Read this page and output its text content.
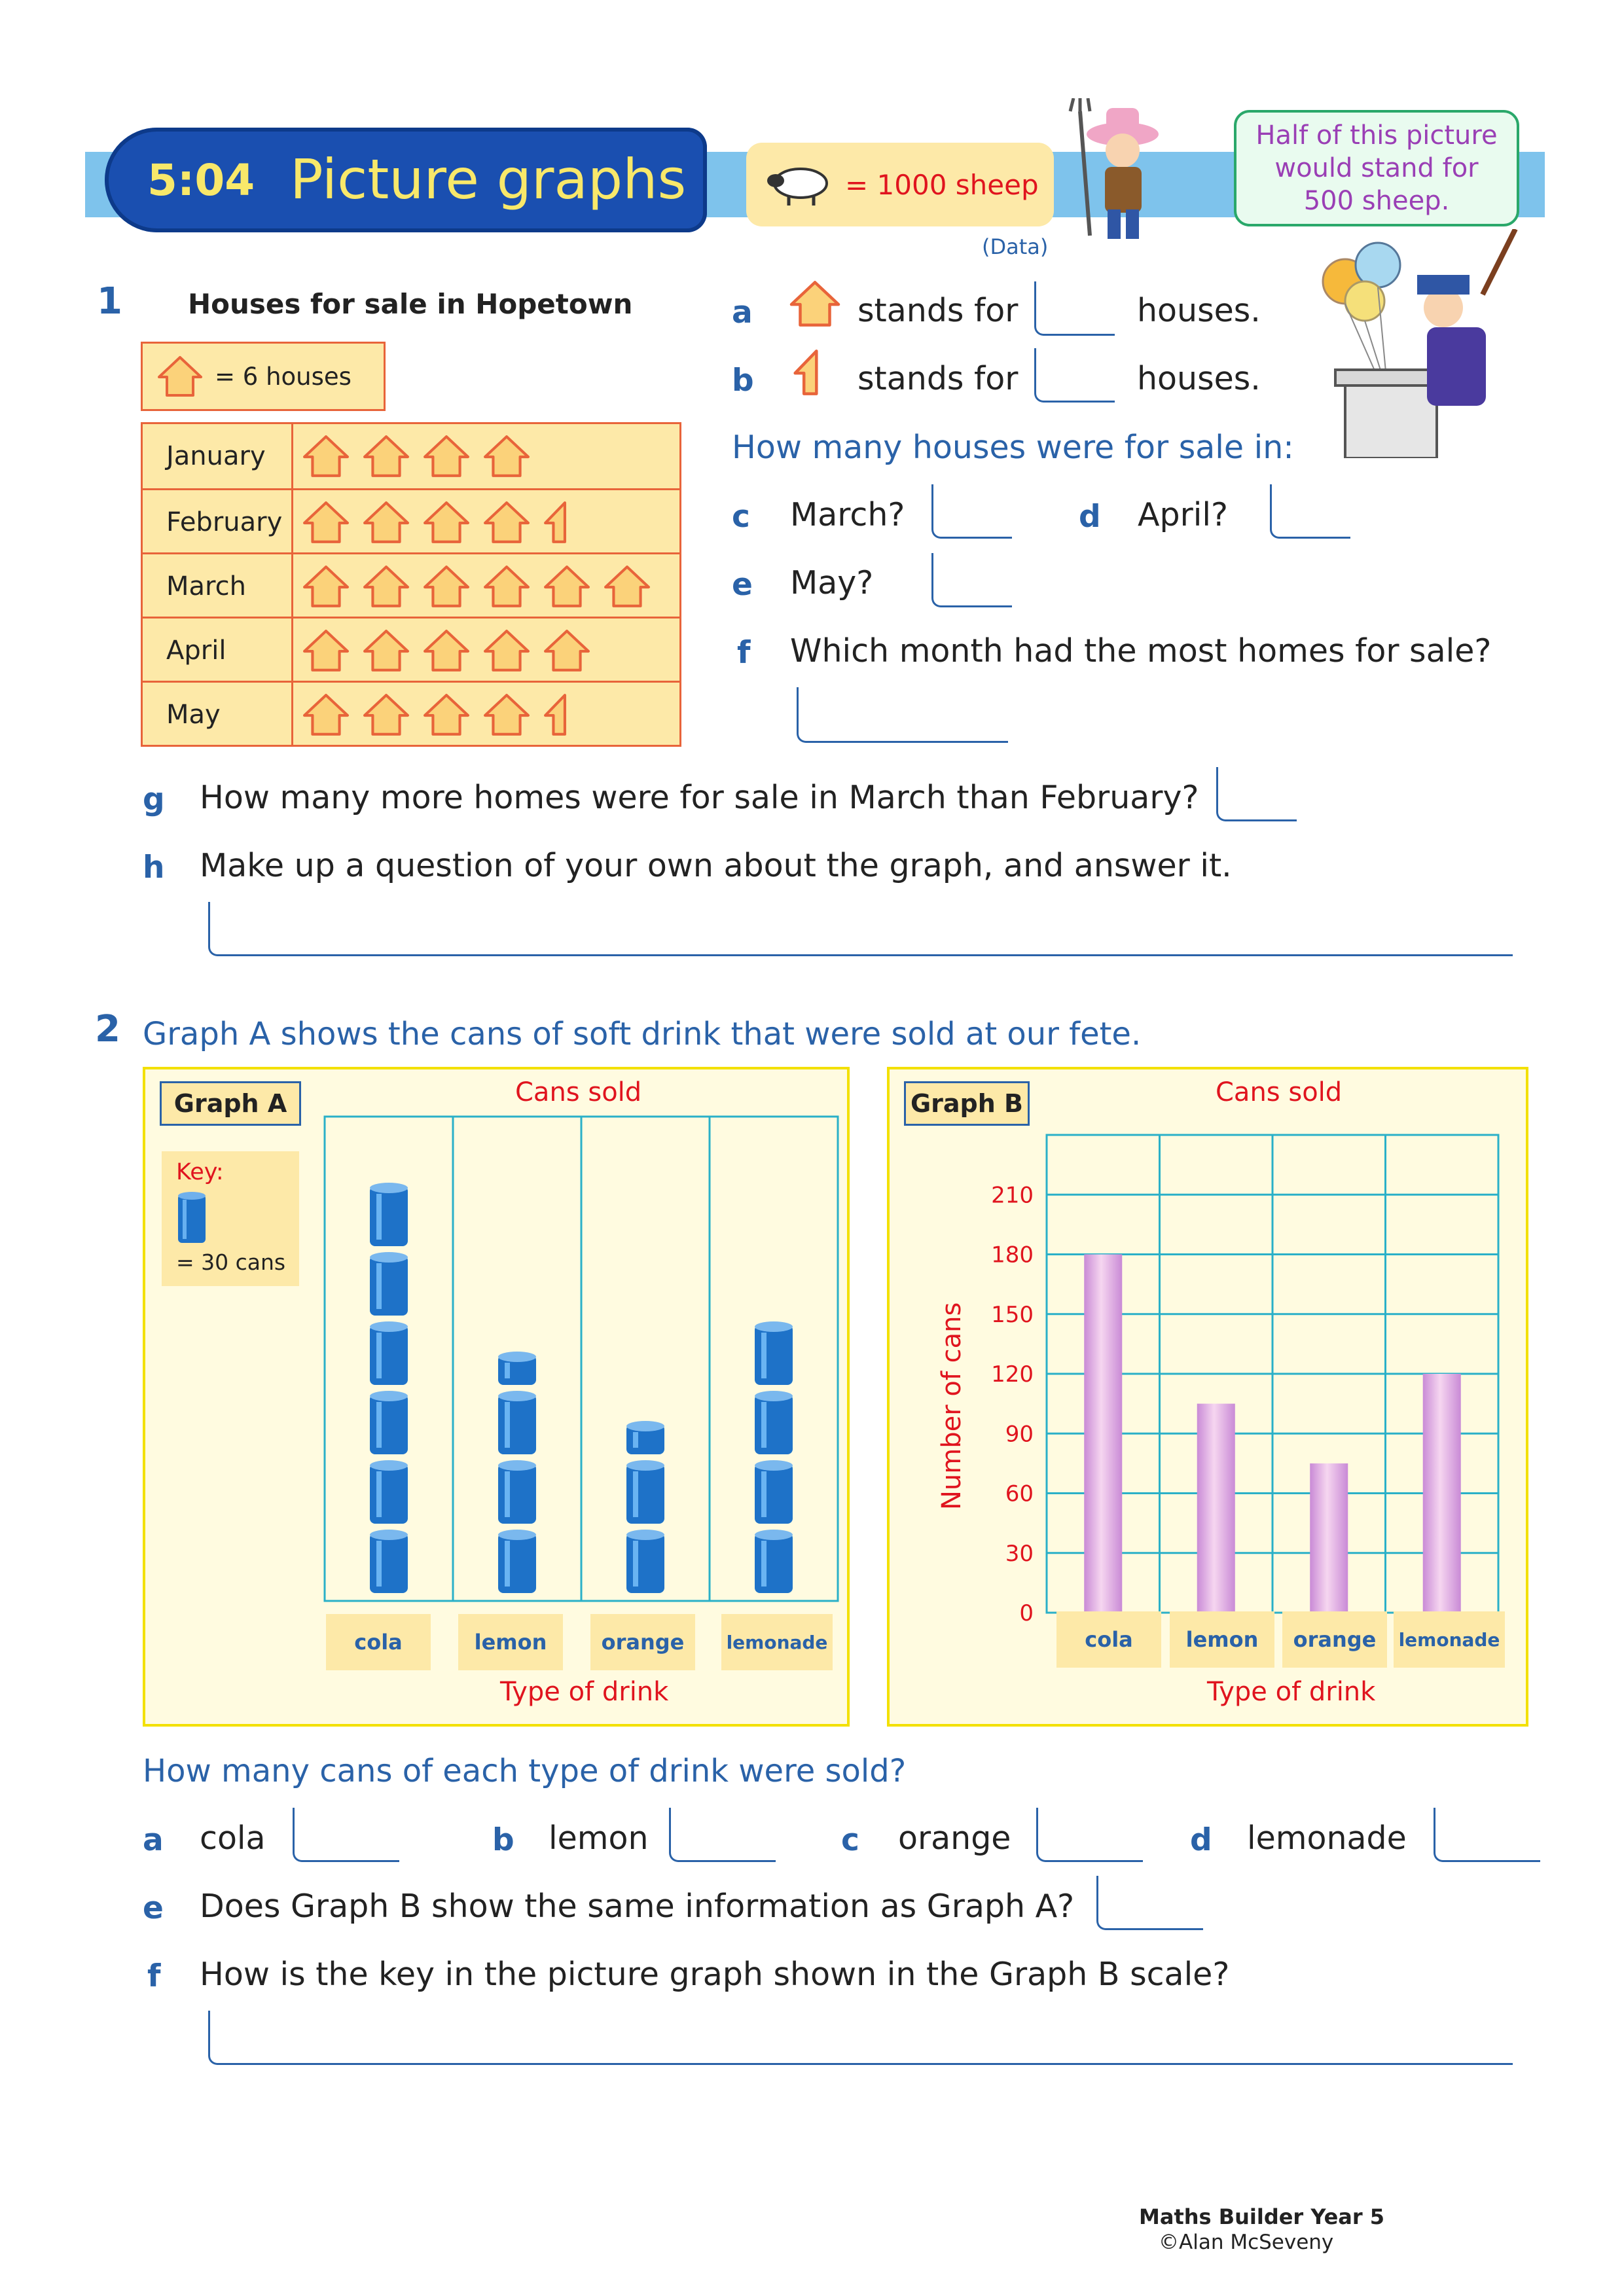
5:04 Picture graphs	= 1000 sheep
(Data)
Half of this picture would stand for 500 sheep.
1 Houses for sale in Hopetown
= 6 houses
January
February
March
April
May
a	stands for	houses.
b	stands for	houses.
How many houses were for sale in:
c March?	d April?
e May?
f Which month had the most homes for sale?
g How many more homes were for sale in March than February?
h Make up a question of your own about the graph, and answer it.
2 Graph A shows the cans of soft drink that were sold at our fete.
Graph A	Cans sold
Key:
= 30 cans
cola	lemon	orange lemonade
Type of drink
Graph B	Cans sold
Number of cans
0
30
60
90
120
150
180
210
cola	lemon orange lemonade
Type of drink
How many cans of each type of drink were sold?
a cola	b lemon	c orange	d lemonade
e Does Graph B show the same information as Graph A?
f How is the key in the picture graph shown in the Graph B scale?
Maths Builder Year 5
©Alan McSeveny
